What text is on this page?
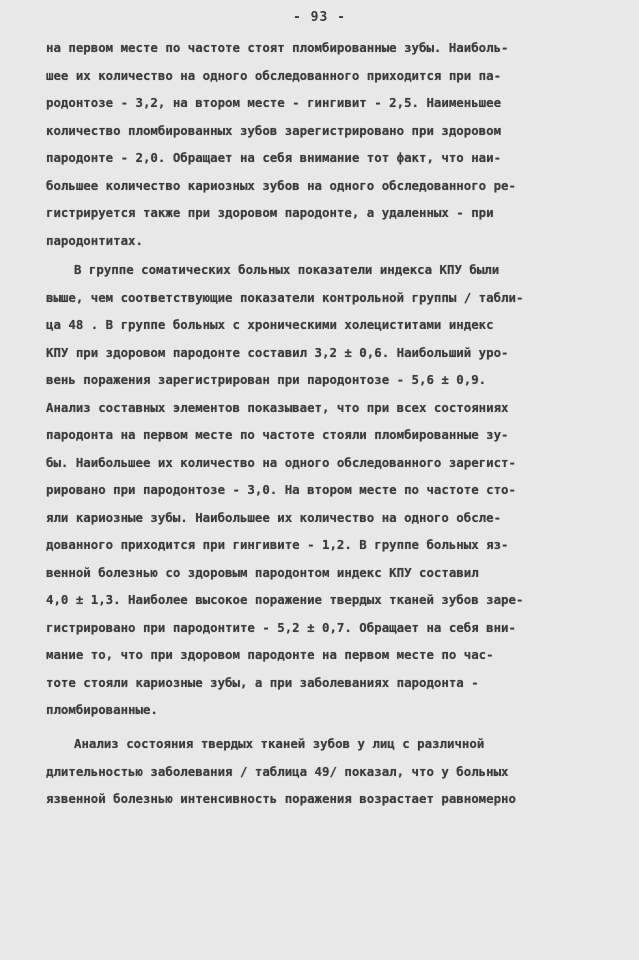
- 93 -
на первом месте по частоте стоят пломбированные зубы. Наиболь-
шее их количество на одного обследованного приходится при па-
родонтозе - 3,2, на втором месте - гингивит - 2,5. Наименьшее
количество пломбированных зубов зарегистрировано при здоровом
пародонте - 2,0. Обращает на себя внимание тот факт, что наи-
большее количество кариозных зубов на одного обследованного ре-
гистрируется также при здоровом пародонте, а удаленных - при
пародонтитах.
В группе соматических больных показатели индекса КПУ были
выше, чем соответствующие показатели контрольной группы / табли-
ца 48 . В группе больных с хроническими холециститами индекс
КПУ при здоровом пародонте составил 3,2 ± 0,6. Наибольший уро-
вень поражения зарегистрирован при пародонтозе - 5,6 ± 0,9.
Анализ составных элементов показывает, что при всех состояниях
пародонта на первом месте по частоте стояли пломбированные зу-
бы. Наибольшее их количество на одного обследованного зарегист-
рировано при пародонтозе - 3,0. На втором месте по частоте сто-
яли кариозные зубы. Наибольшее их количество на одного обсле-
дованного приходится при гингивите - 1,2. В группе больных яз-
венной болезнью со здоровым пародонтом индекс КПУ составил
4,0 ± 1,3. Наиболее высокое поражение твердых тканей зубов заре-
гистрировано при пародонтите - 5,2 ± 0,7. Обращает на себя вни-
мание то, что при здоровом пародонте на первом месте по час-
тоте стояли кариозные зубы, а при заболеваниях пародонта -
пломбированные.
Анализ состояния твердых тканей зубов у лиц с различной
длительностью заболевания / таблица 49/ показал, что у больных
язвенной болезнью интенсивность поражения возрастает равномерно
